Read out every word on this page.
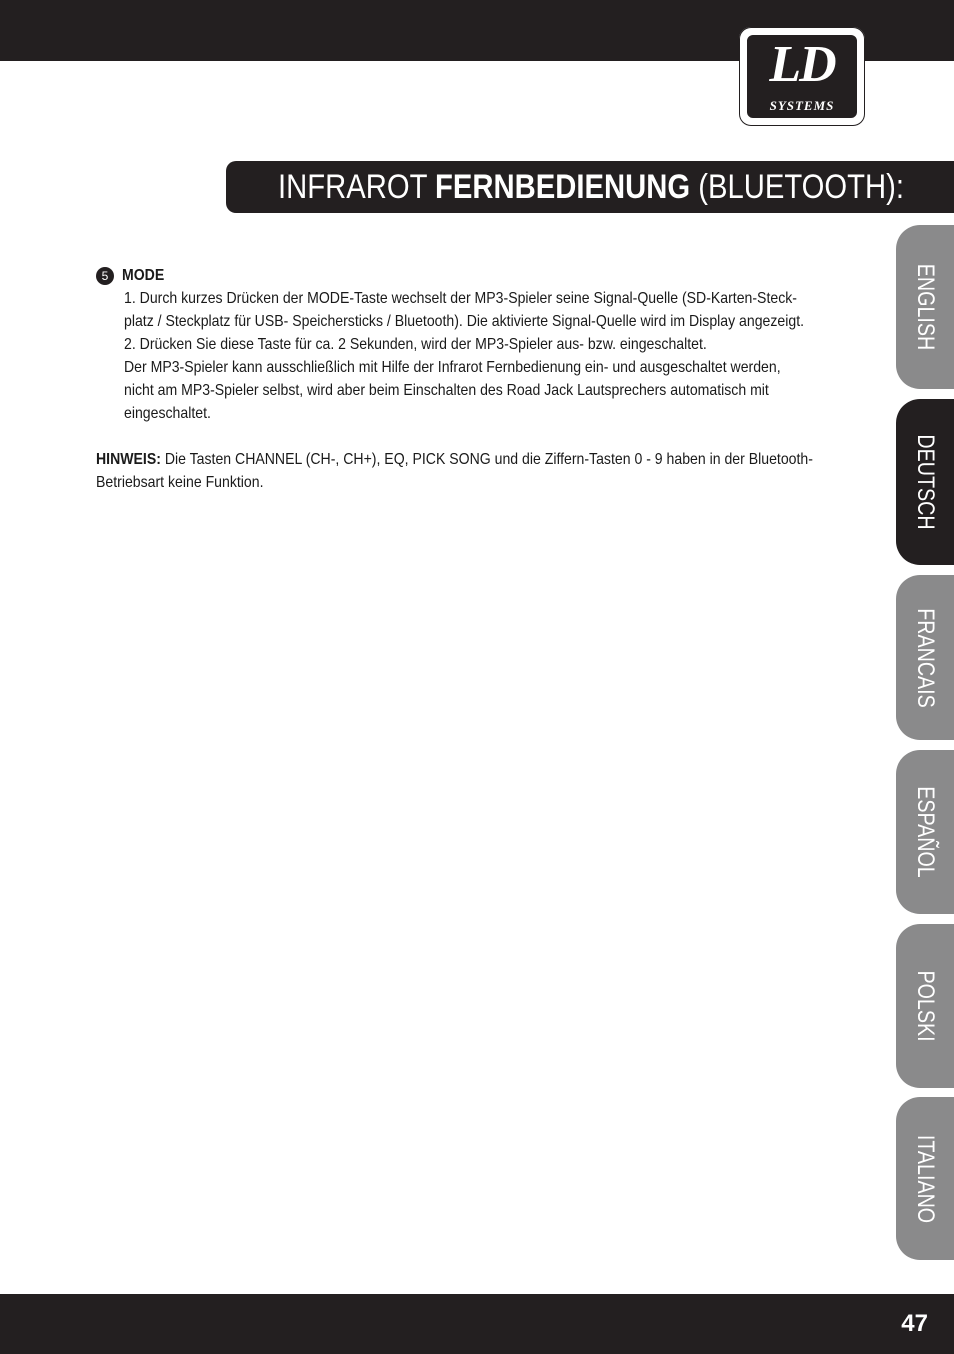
LD
SYSTEMS
INFRAROT FERNBEDIENUNG (BLUETOOTH):
ENGLISH
DEUTSCH
FRANCAIS
ESPAÑOL
POLSKI
ITALIANO
5 MODE

1. Durch kurzes Drücken der MODE-Taste wechselt der MP3-Spieler seine Signal-Quelle (SD-Karten-Steck-

platz / Steckplatz für USB- Speichersticks / Bluetooth). Die aktivierte Signal-Quelle wird im Display angezeigt.

2. Drücken Sie diese Taste für ca. 2 Sekunden, wird der MP3-Spieler aus- bzw. eingeschaltet.

Der MP3-Spieler kann ausschließlich mit Hilfe der Infrarot Fernbedienung ein- und ausgeschaltet werden,

nicht am MP3-Spieler selbst, wird aber beim Einschalten des Road Jack Lautsprechers automatisch mit

eingeschaltet.

HINWEIS: Die Tasten CHANNEL (CH-, CH+), EQ, PICK SONG und die Ziffern-Tasten 0 - 9 haben in der Bluetooth-

Betriebsart keine Funktion.

47
